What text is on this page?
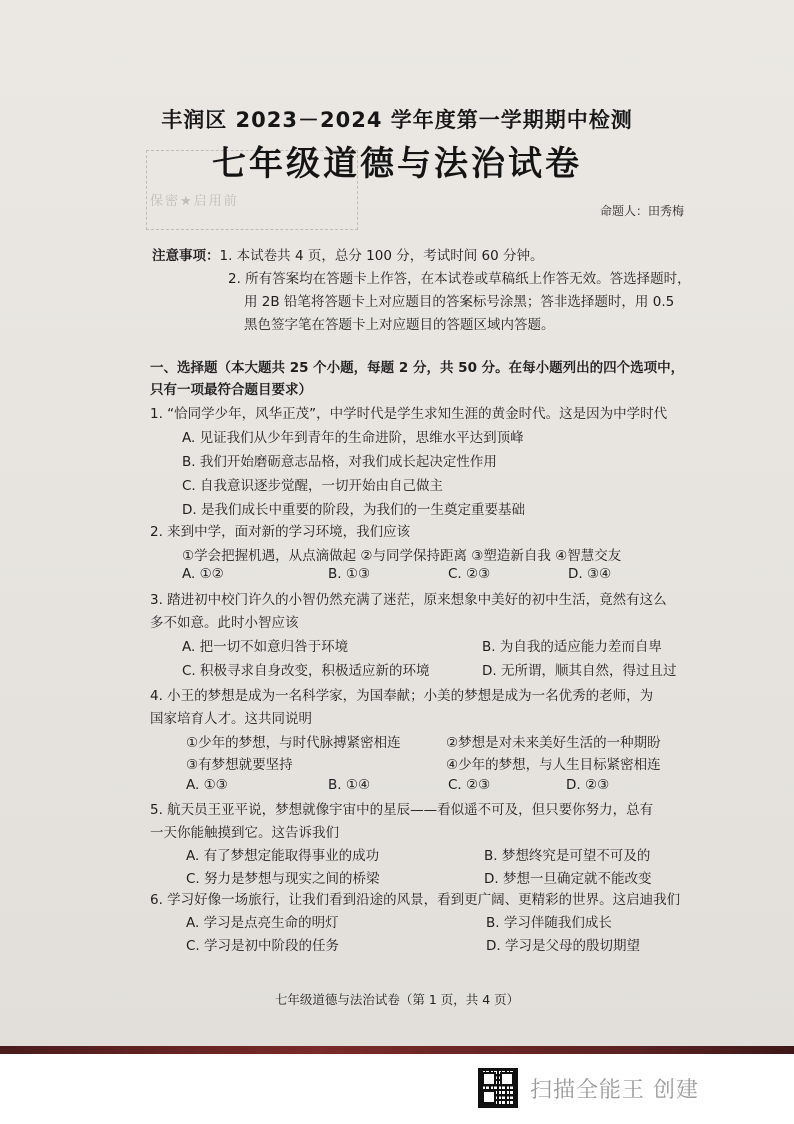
保密★启用前
丰润区 2023－2024 学年度第一学期期中检测
七年级道德与法治试卷
命题人：田秀梅
注意事项：1. 本试卷共 4 页，总分 100 分，考试时间 60 分钟。
2. 所有答案均在答题卡上作答，在本试卷或草稿纸上作答无效。答选择题时，
用 2B 铅笔将答题卡上对应题目的答案标号涂黑；答非选择题时，用 0.5
黑色签字笔在答题卡上对应题目的答题区域内答题。
一、选择题（本大题共 25 个小题，每题 2 分，共 50 分。在每小题列出的四个选项中，
只有一项最符合题目要求）
1. “恰同学少年，风华正茂”，中学时代是学生求知生涯的黄金时代。这是因为中学时代
A. 见证我们从少年到青年的生命进阶，思维水平达到顶峰
B. 我们开始磨砺意志品格，对我们成长起决定性作用
C. 自我意识逐步觉醒，一切开始由自己做主
D. 是我们成长中重要的阶段，为我们的一生奠定重要基础
2. 来到中学，面对新的学习环境，我们应该
①学会把握机遇，从点滴做起 ②与同学保持距离 ③塑造新自我 ④智慧交友
A. ①②	B. ①③	C. ②③	D. ③④
3. 踏进初中校门许久的小智仍然充满了迷茫，原来想象中美好的初中生活，竟然有这么
多不如意。此时小智应该
A. 把一切不如意归咎于环境	B. 为自我的适应能力差而自卑
C. 积极寻求自身改变，积极适应新的环境	D. 无所谓，顺其自然，得过且过
4. 小王的梦想是成为一名科学家，为国奉献；小美的梦想是成为一名优秀的老师，为
国家培育人才。这共同说明
①少年的梦想，与时代脉搏紧密相连	②梦想是对未来美好生活的一种期盼
③有梦想就要坚持	④少年的梦想，与人生目标紧密相连
A. ①③	B. ①④	C. ②③	D. ②③
5. 航天员王亚平说，梦想就像宇宙中的星辰——看似遥不可及，但只要你努力，总有
一天你能触摸到它。这告诉我们
A. 有了梦想定能取得事业的成功	B. 梦想终究是可望不可及的
C. 努力是梦想与现实之间的桥梁	D. 梦想一旦确定就不能改变
6. 学习好像一场旅行，让我们看到沿途的风景，看到更广阔、更精彩的世界。这启迪我们
A. 学习是点亮生命的明灯	B. 学习伴随我们成长
C. 学习是初中阶段的任务	D. 学习是父母的殷切期望
七年级道德与法治试卷（第 1 页，共 4 页）
扫描全能王 创建
